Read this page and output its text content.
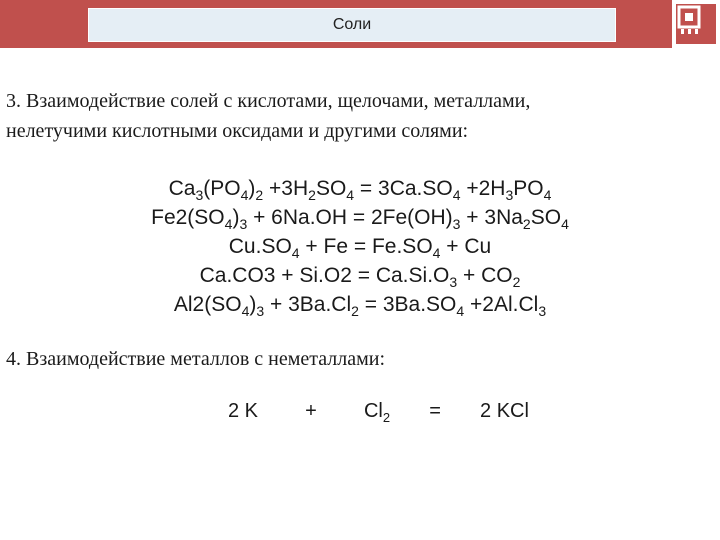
Соли
3. Взаимодействие солей с кислотами, щелочами, металлами,
нелетучими кислотными оксидами и другими солями:
$Ca_3(PO_4)_2 +3H_2SO_4 = 3Ca.SO_4 +2H_3PO_4$
$Fe2(SO_4)_3 + 6Na.OH = 2Fe(OH)_3 + 3Na_2SO_4$
$Cu.SO_4 + Fe = Fe.SO_4 + Cu$
$Ca.CO3 + Si.O2 = Ca.Si.O_3 + CO_2$
$Al2(SO_4)_3 + 3Ba.Cl_2 = 3Ba.SO_4 +2Al.Cl_3$
4. Взаимодействие металлов с неметаллами:
2 $K + Cl_2 = 2$ KCl
